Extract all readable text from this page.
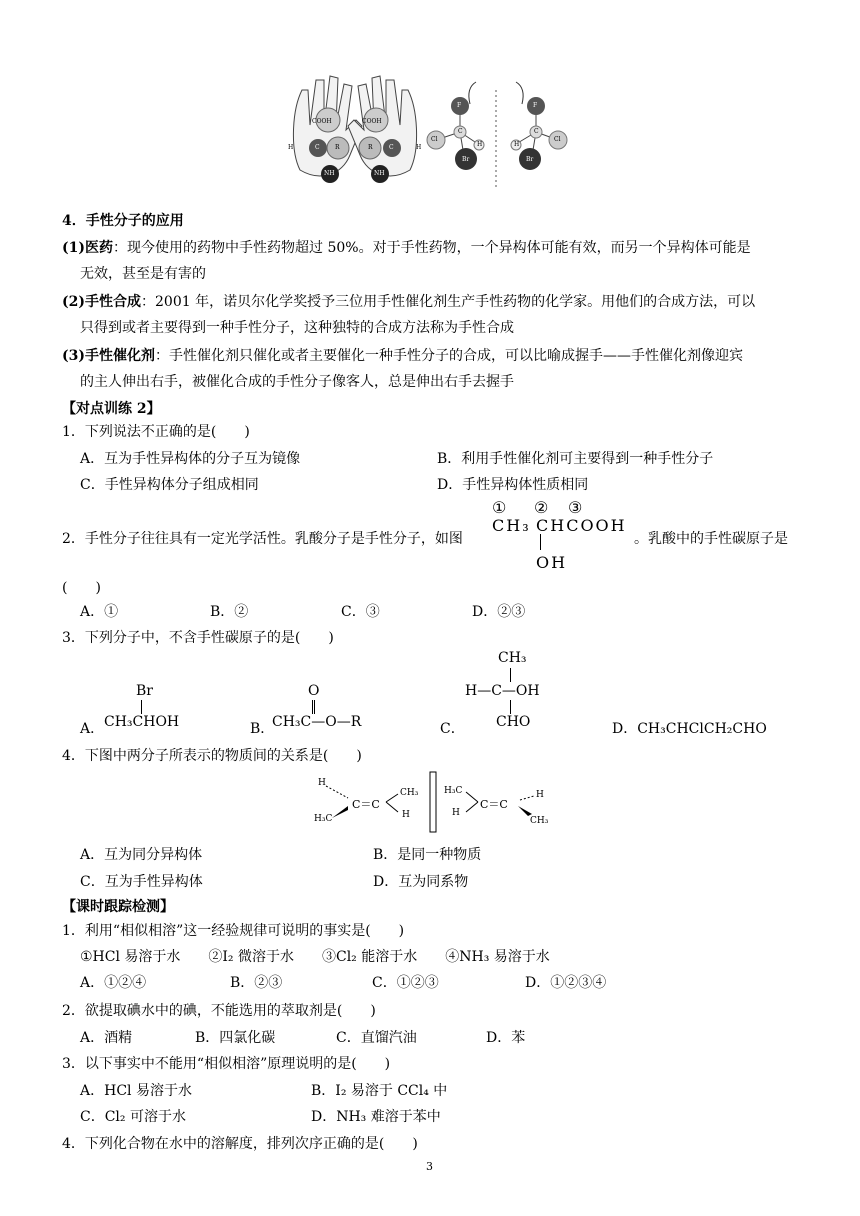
COOH	COOH
H	C	R	R	C	H
NH	NH
F
Cl
C
H
Br
F
H
C
Cl
Br
4．手性分子的应用
(1)医药：现今使用的药物中手性药物超过 50%。对于手性药物，一个异构体可能有效，而另一个异构体可能是
无效，甚至是有害的
(2)手性合成：2001 年，诺贝尔化学奖授予三位用手性催化剂生产手性药物的化学家。用他们的合成方法，可以
只得到或者主要得到一种手性分子，这种独特的合成方法称为手性合成
(3)手性催化剂：手性催化剂只催化或者主要催化一种手性分子的合成，可以比喻成握手——手性催化剂像迎宾
的主人伸出右手，被催化合成的手性分子像客人，总是伸出右手去握手
【对点训练 2】
1．下列说法不正确的是(　　)
A．互为手性异构体的分子互为镜像	B．利用手性催化剂可主要得到一种手性分子
C．手性异构体分子组成相同	D．手性异构体性质相同
2．手性分子往往具有一定光学活性。乳酸分子是手性分子，如图
① ② ③
CH₃ CHCOOH
OH
。乳酸中的手性碳原子是
(　　)
A．①	B．②	C．③	D．②③
3．下列分子中，不含手性碳原子的是(　　)
A．
Br
CH₃CHOH	B．
O
CH₃C—O—R	C．
CH₃
H—C—OH
CHO	D．CH₃CHClCH₂CHO
4．下图中两分子所表示的物质间的关系是(　　)
H
C＝C
CH₃
H₃C	H
H₃C
H
C＝C
H
CH₃
A．互为同分异构体	B．是同一种物质
C．互为手性异构体	D．互为同系物
【课时跟踪检测】
1．利用“相似相溶”这一经验规律可说明的事实是(　　)
①HCl 易溶于水　　②I₂ 微溶于水　　③Cl₂ 能溶于水　　④NH₃ 易溶于水
A．①②④	B．②③	C．①②③	D．①②③④
2．欲提取碘水中的碘，不能选用的萃取剂是(　　)
A．酒精	B．四氯化碳	C．直馏汽油	D．苯
3．以下事实中不能用“相似相溶”原理说明的是(　　)
A．HCl 易溶于水	B．I₂ 易溶于 CCl₄ 中
C．Cl₂ 可溶于水	D．NH₃ 难溶于苯中
4．下列化合物在水中的溶解度，排列次序正确的是(　　)
3
